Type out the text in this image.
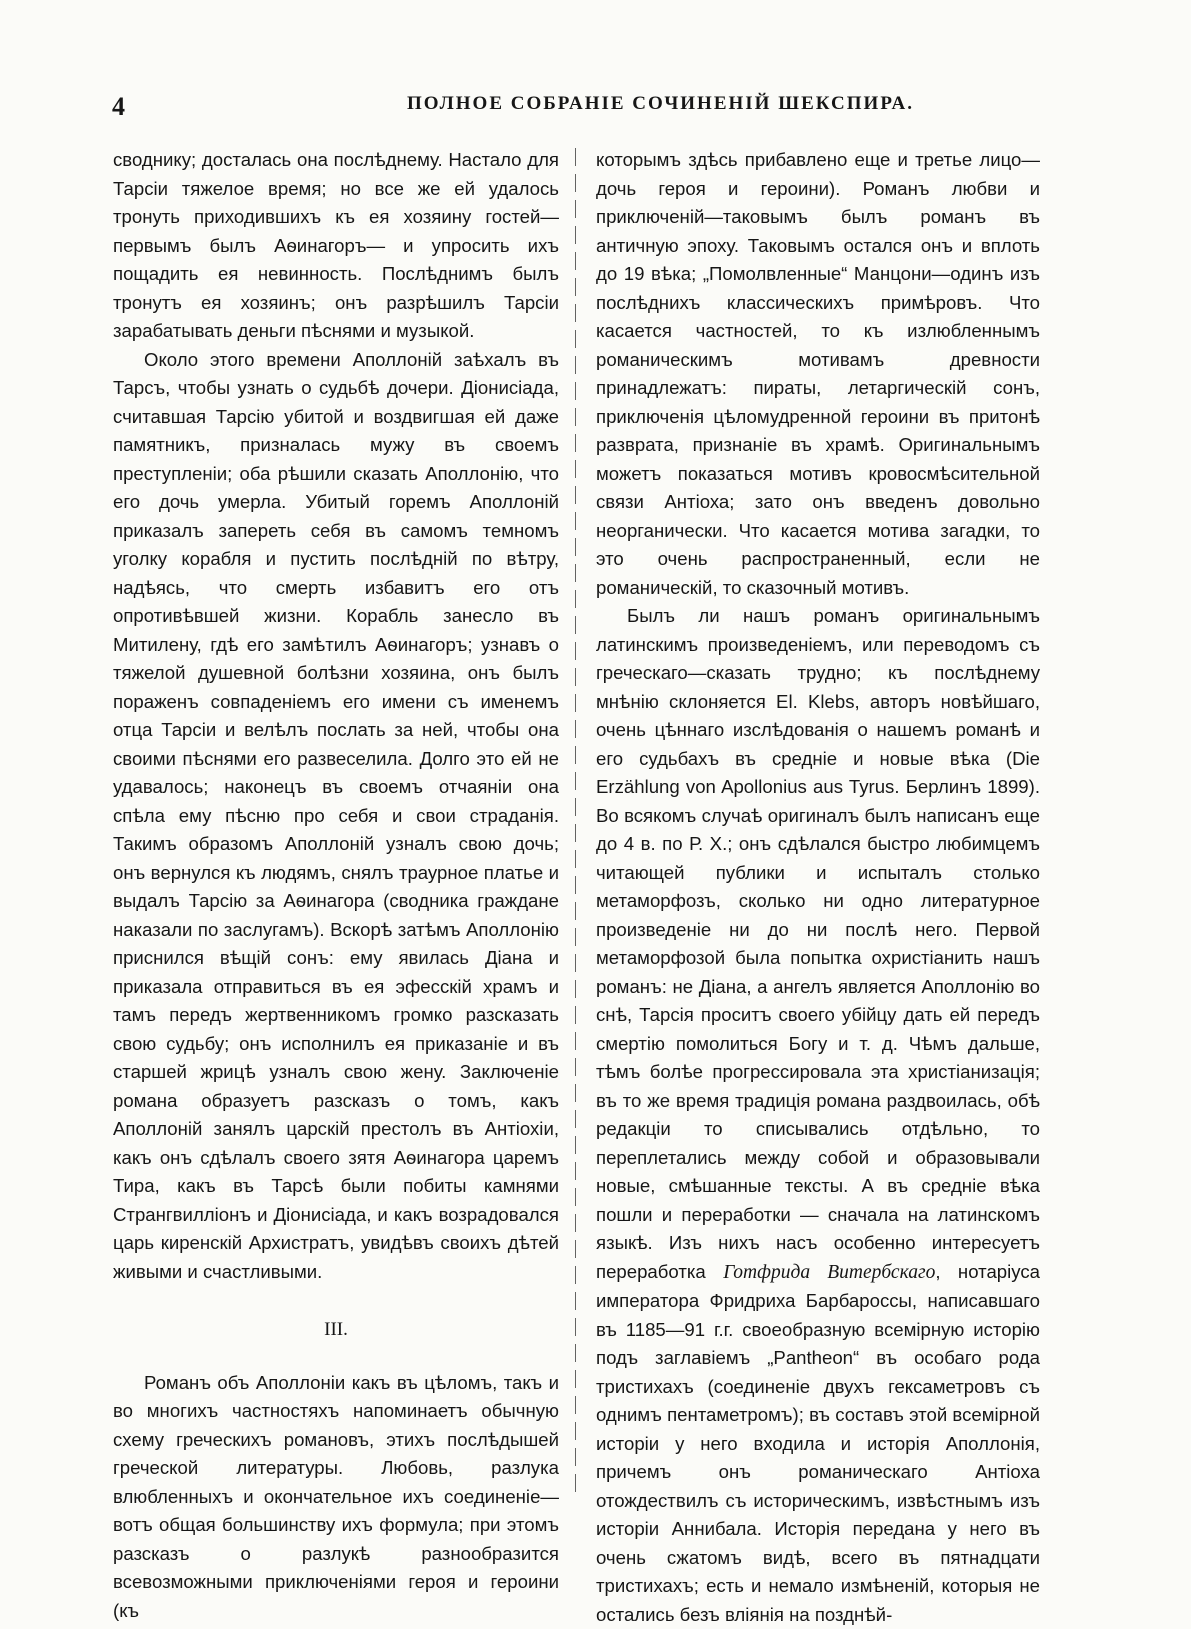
4	ПОЛНОЕ СОБРАНІЕ СОЧИНЕНІЙ ШЕКСПИРА.

своднику; досталась она послѣднему. Настало для Тарсіи тяжелое время; но все же ей удалось тронуть приходившихъ къ ея хозяину гостей—первымъ былъ Аѳинагоръ— и упросить ихъ пощадить ея невинность. Послѣднимъ былъ тронутъ ея хозяинъ; онъ разрѣшилъ Тарсіи зарабатывать деньги пѣснями и музыкой.

Около этого времени Аполлоній заѣхалъ въ Тарсъ, чтобы узнать о судьбѣ дочери. Діонисіада, считавшая Тарсію убитой и воздвигшая ей даже памятникъ, призналась мужу въ своемъ преступленіи; оба рѣшили сказать Аполлонію, что его дочь умерла. Убитый горемъ Аполлоній приказалъ запереть себя въ самомъ темномъ уголку корабля и пустить послѣдній по вѣтру, надѣясь, что смерть избавитъ его отъ опротивѣвшей жизни. Корабль занесло въ Митилену, гдѣ его замѣтилъ Аѳинагоръ; узнавъ о тяжелой душевной болѣзни хозяина, онъ былъ пораженъ совпаденіемъ его имени съ именемъ отца Тарсіи и велѣлъ послать за ней, чтобы она своими пѣснями его развеселила. Долго это ей не удавалось; наконецъ въ своемъ отчаяніи она спѣла ему пѣсню про себя и свои страданія. Такимъ образомъ Аполлоній узналъ свою дочь; онъ вернулся къ людямъ, снялъ траурное платье и выдалъ Тарсію за Аѳинагора (сводника граждане наказали по заслугамъ). Вскорѣ затѣмъ Аполлонію приснился вѣщій сонъ: ему явилась Діана и приказала отправиться въ ея эфесскій храмъ и тамъ передъ жертвенникомъ громко разсказать свою судьбу; онъ исполнилъ ея приказаніе и въ старшей жрицѣ узналъ свою жену. Заключеніе романа образуетъ разсказъ о томъ, какъ Аполлоній занялъ царскій престолъ въ Антіохіи, какъ онъ сдѣлалъ своего зятя Аѳинагора царемъ Тира, какъ въ Тарсѣ были побиты камнями Странгвилліонъ и Діонисіада, и какъ возрадовался царь киренскій Архистратъ, увидѣвъ своихъ дѣтей живыми и счастливыми.

III.

Романъ объ Аполлоніи какъ въ цѣломъ, такъ и во многихъ частностяхъ напоминаетъ обычную схему греческихъ романовъ, этихъ послѣдышей греческой литературы. Любовь, разлука влюбленныхъ и окончательное ихъ соединеніе—вотъ общая большинству ихъ формула; при этомъ разсказъ о разлукѣ разнообразится всевозможными приключеніями героя и героини (къ

которымъ здѣсь прибавлено еще и третье лицо—дочь героя и героини). Романъ любви и приключеній—таковымъ былъ романъ въ античную эпоху. Таковымъ остался онъ и вплоть до 19 вѣка; „Помолвленные“ Манцони—одинъ изъ послѣднихъ классическихъ примѣровъ. Что касается частностей, то къ излюбленнымъ романическимъ мотивамъ древности принадлежатъ: пираты, летаргическій сонъ, приключенія цѣломудренной героини въ притонѣ разврата, признаніе въ храмѣ. Оригинальнымъ можетъ показаться мотивъ кровосмѣсительной связи Антіоха; зато онъ введенъ довольно неорганически. Что касается мотива загадки, то это очень распространенный, если не романическій, то сказочный мотивъ.

Былъ ли нашъ романъ оригинальнымъ латинскимъ произведеніемъ, или переводомъ съ греческаго—сказать трудно; къ послѣднему мнѣнію склоняется El. Klebs, авторъ новѣйшаго, очень цѣннаго изслѣдованія о нашемъ романѣ и его судьбахъ въ средніе и новые вѣка (Die Erzählung von Apollonius aus Tyrus. Берлинъ 1899). Во всякомъ случаѣ оригиналъ былъ написанъ еще до 4 в. по Р. Х.; онъ сдѣлался быстро любимцемъ читающей публики и испыталъ столько метаморфозъ, сколько ни одно литературное произведеніе ни до ни послѣ него. Первой метаморфозой была попытка охристіанить нашъ романъ: не Діана, а ангелъ является Аполлонію во снѣ, Тарсія проситъ своего убійцу дать ей передъ смертію помолиться Богу и т. д. Чѣмъ дальше, тѣмъ болѣе прогрессировала эта христіанизація; въ то же время традиція романа раздвоилась, обѣ редакціи то списывались отдѣльно, то переплетались между собой и образовывали новые, смѣшанные тексты. А въ средніе вѣка пошли и переработки — сначала на латинскомъ языкѣ. Изъ нихъ насъ особенно интересуетъ переработка Готфрида Витербскаго, нотаріуса императора Фридриха Барбароссы, написавшаго въ 1185—91 г.г. своеобразную всемірную исторію подъ заглавіемъ „Pantheon“ въ особаго рода тристихахъ (соединеніе двухъ гексаметровъ съ однимъ пентаметромъ); въ составъ этой всемірной исторіи у него входила и исторія Аполлонія, причемъ онъ романическаго Антіоха отождествилъ съ историческимъ, извѣстнымъ изъ исторіи Аннибала. Исторія передана у него въ очень сжатомъ видѣ, всего въ пятнадцати тристихахъ; есть и немало измѣненій, которыя не остались безъ вліянія на позднѣй-
